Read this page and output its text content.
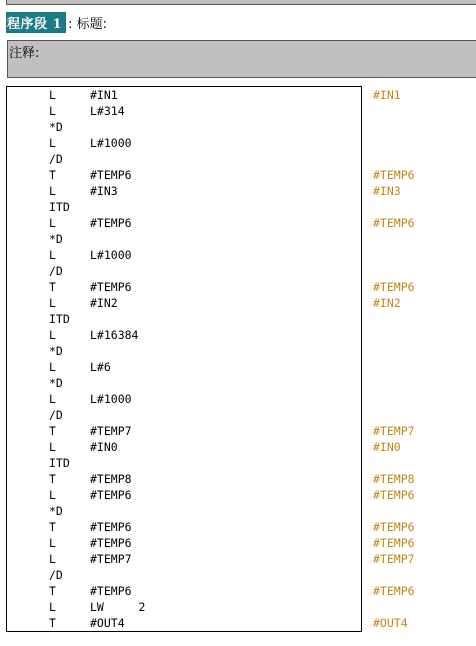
程序段 1 : 标题:
注释:
L	#IN1	#IN1
L	L#314
*D
L	L#1000
/D
T	#TEMP6	#TEMP6
L	#IN3	#IN3
ITD
L	#TEMP6	#TEMP6
*D
L	L#1000
/D
T	#TEMP6	#TEMP6
L	#IN2	#IN2
ITD
L	L#16384
*D
L	L#6
*D
L	L#1000
/D
T	#TEMP7	#TEMP7
L	#IN0	#IN0
ITD
T	#TEMP8	#TEMP8
L	#TEMP6	#TEMP6
*D
T	#TEMP6	#TEMP6
L	#TEMP6	#TEMP6
L	#TEMP7	#TEMP7
/D
T	#TEMP6	#TEMP6
L	LW     2
T	#OUT4	#OUT4
